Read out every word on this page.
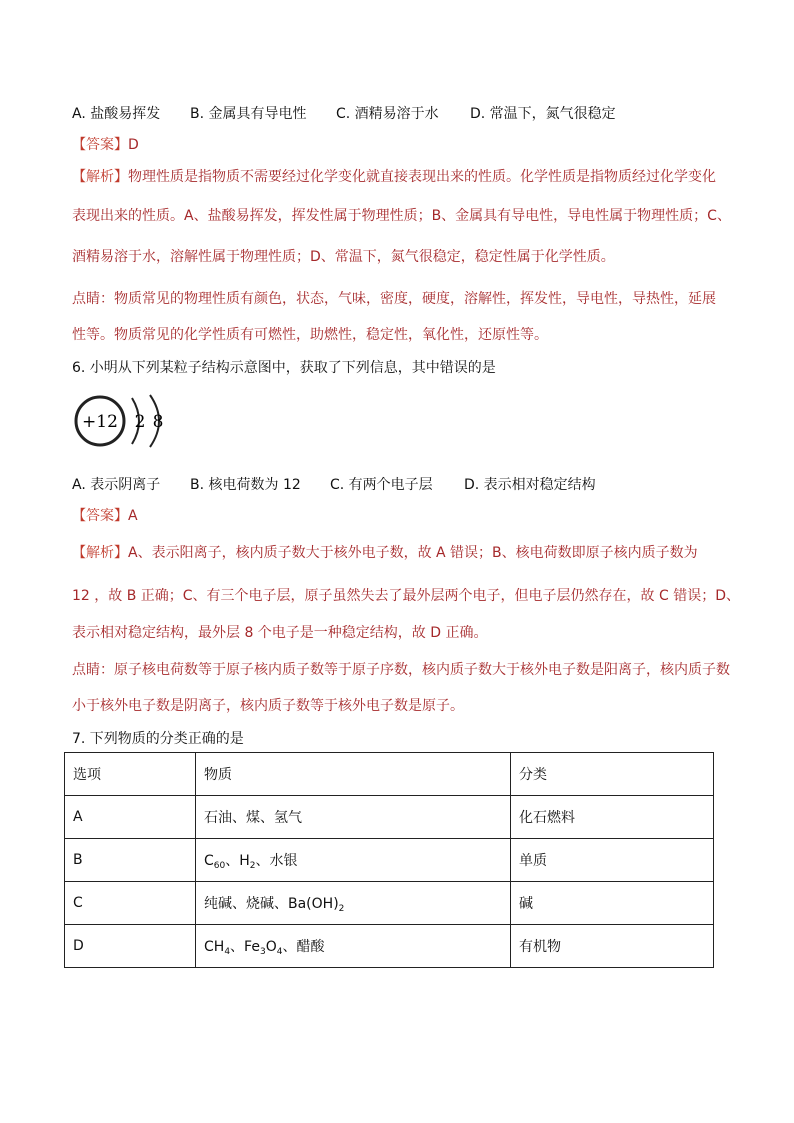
A. 盐酸易挥发 B. 金属具有导电性 C. 酒精易溶于水 D. 常温下，氮气很稳定
【答案】D
【解析】物理性质是指物质不需要经过化学变化就直接表现出来的性质。化学性质是指物质经过化学变化
表现出来的性质。A、盐酸易挥发，挥发性属于物理性质；B、金属具有导电性，导电性属于物理性质；C、
酒精易溶于水，溶解性属于物理性质；D、常温下，氮气很稳定，稳定性属于化学性质。
点睛：物质常见的物理性质有颜色，状态，气味，密度，硬度，溶解性，挥发性，导电性，导热性，延展
性等。物质常见的化学性质有可燃性，助燃性，稳定性，氧化性，还原性等。
6. 小明从下列某粒子结构示意图中，获取了下列信息，其中错误的是
+12 2 8
A. 表示阴离子 B. 核电荷数为 12 C. 有两个电子层 D. 表示相对稳定结构
【答案】A
【解析】A、表示阳离子，核内质子数大于核外电子数，故 A 错误；B、核电荷数即原子核内质子数为
12 ，故 B 正确；C、有三个电子层，原子虽然失去了最外层两个电子，但电子层仍然存在，故 C 错误；D、
表示相对稳定结构，最外层 8 个电子是一种稳定结构，故 D 正确。
点睛：原子核电荷数等于原子核内质子数等于原子序数，核内质子数大于核外电子数是阳离子，核内质子数
小于核外电子数是阴离子，核内质子数等于核外电子数是原子。
7. 下列物质的分类正确的是
选项	物质	分类
A	石油、煤、氢气	化石燃料
B	$C_{60}$、$H_2$、水银	单质
C	纯碱、烧碱、$Ba(OH)_2$	碱
D	$CH_4$、$Fe_3O_4$、醋酸	有机物
